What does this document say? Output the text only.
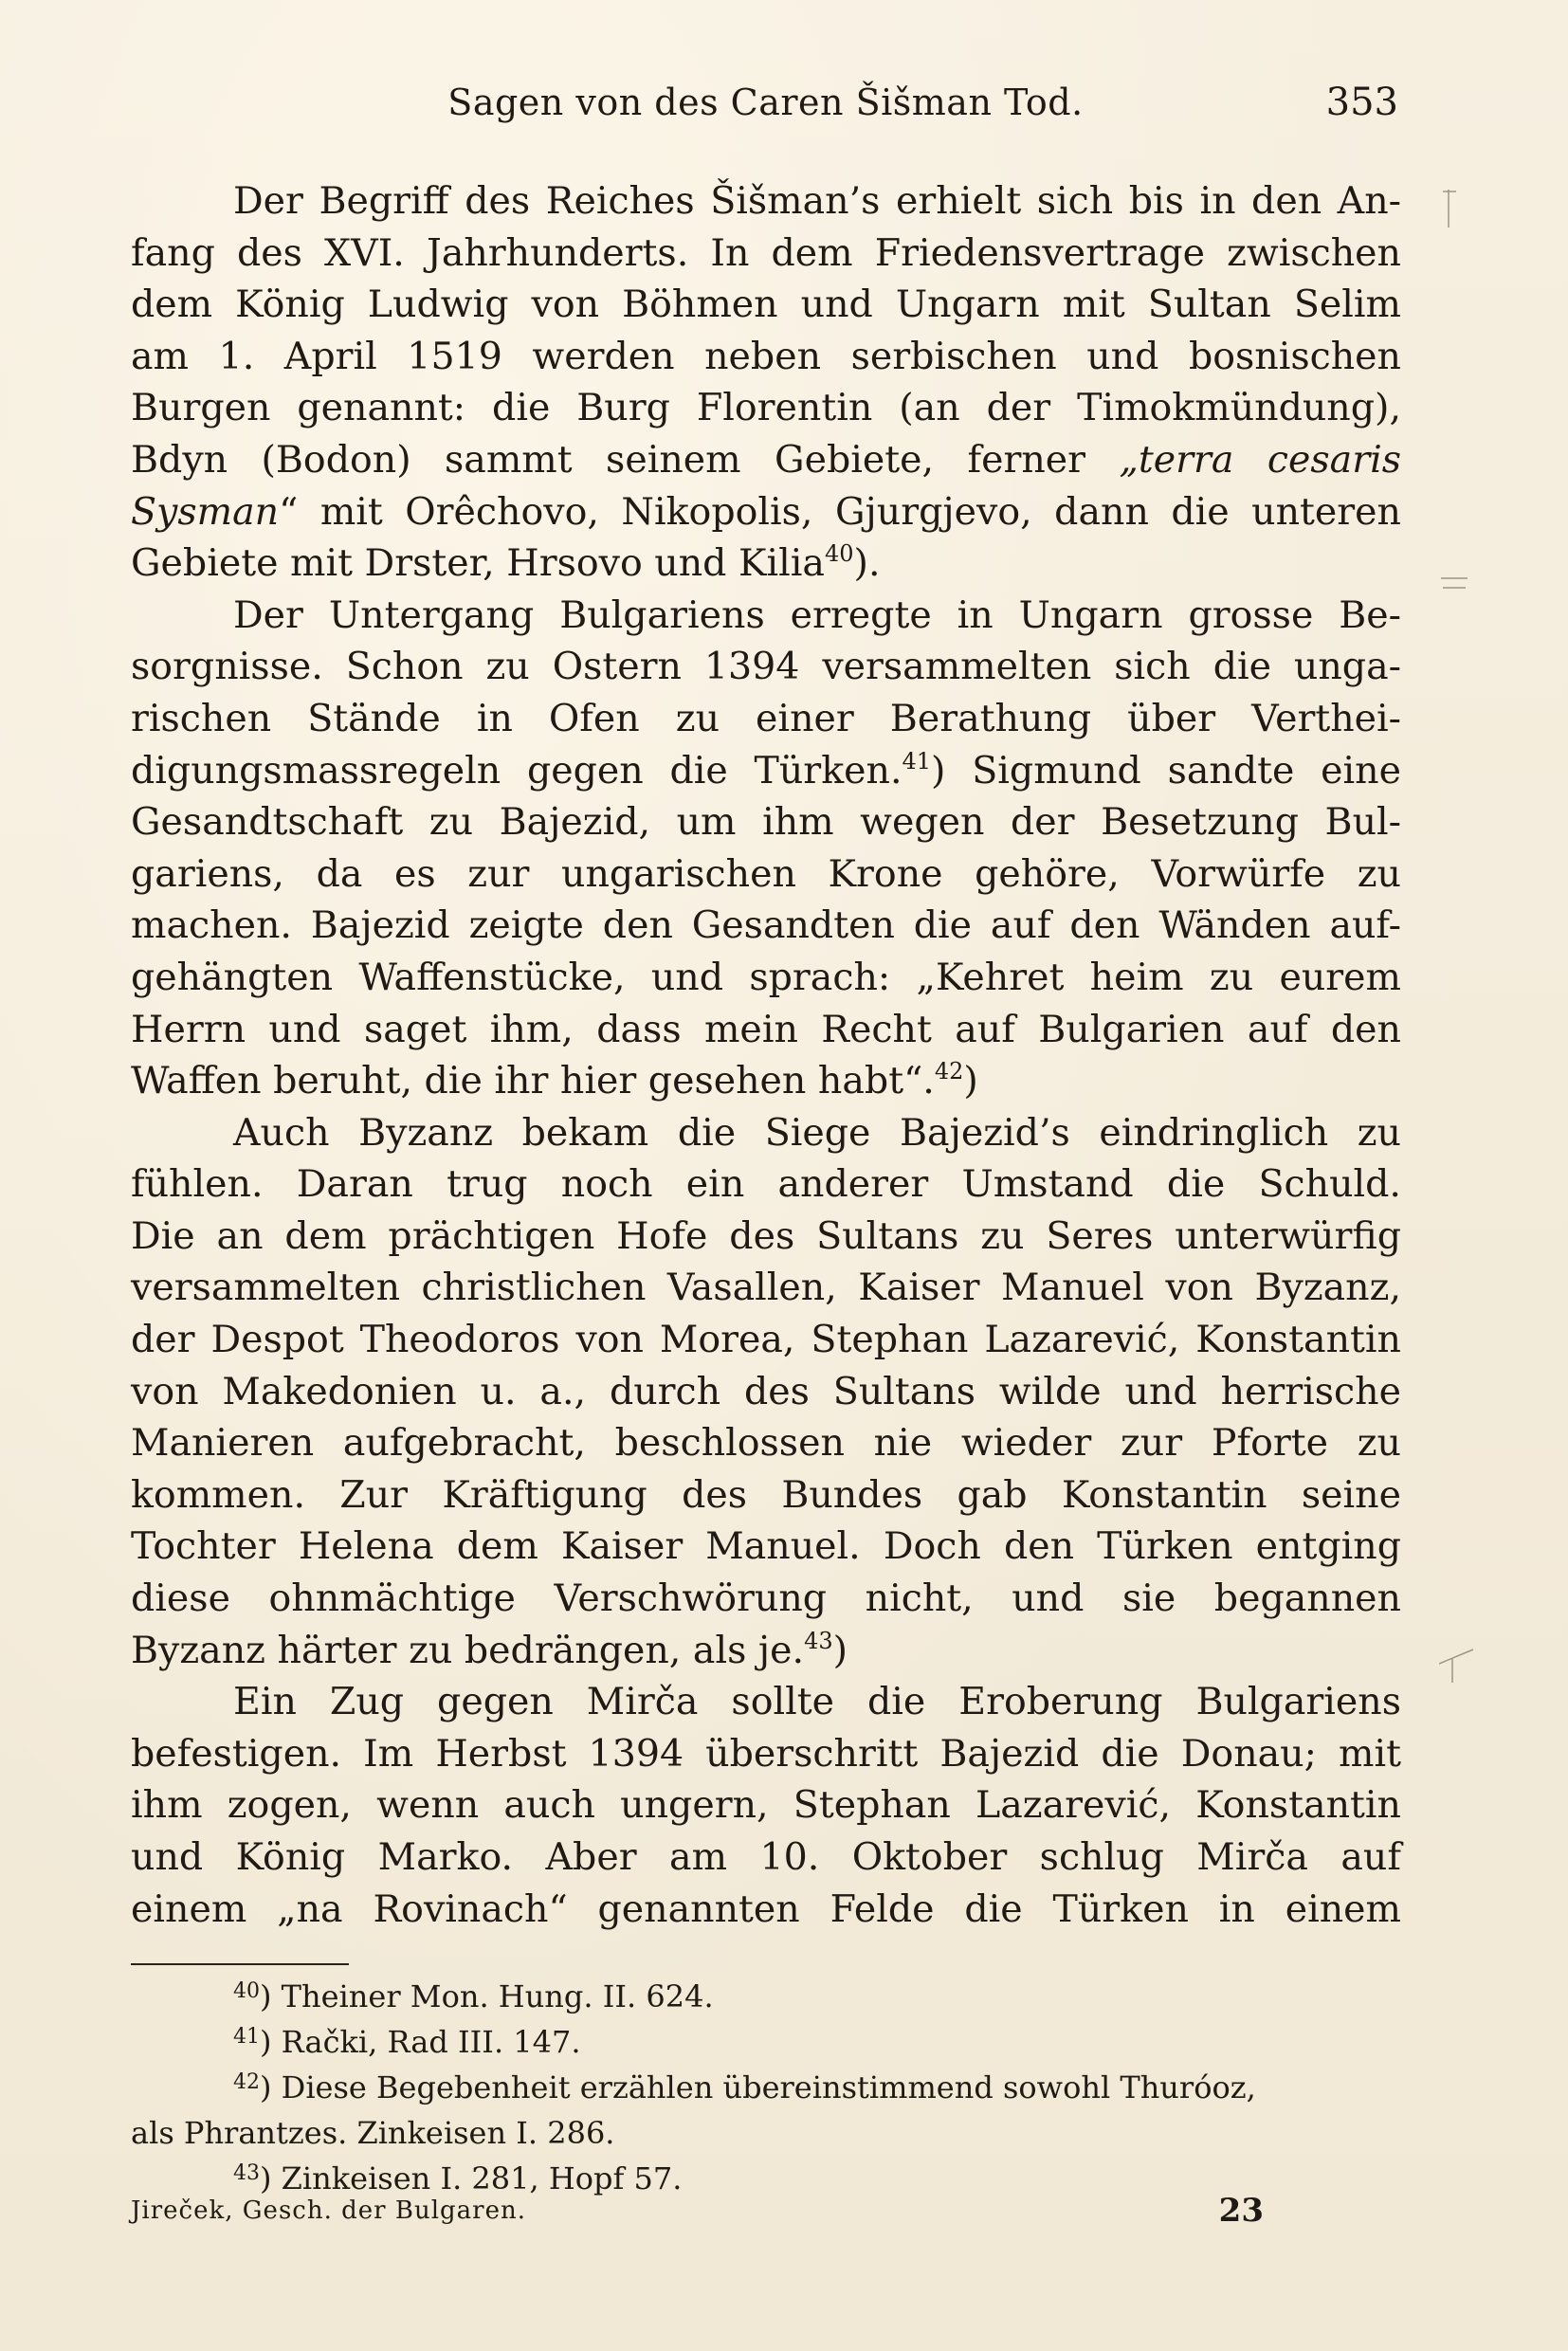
Sagen von des Caren Šišman Tod.	353
Der Begriff des Reiches Šišman’s erhielt sich bis in den An-
fang des XVI. Jahrhunderts. In dem Friedensvertrage zwischen
dem König Ludwig von Böhmen und Ungarn mit Sultan Selim
am 1. April 1519 werden neben serbischen und bosnischen
Burgen genannt: die Burg Florentin (an der Timokmündung),
Bdyn (Bodon) sammt seinem Gebiete, ferner „terra cesaris
Sysman“ mit Orêchovo, Nikopolis, Gjurgjevo, dann die unteren
Gebiete mit Drster, Hrsovo und Kilia$^{40}$).
Der Untergang Bulgariens erregte in Ungarn grosse Be-
sorgnisse. Schon zu Ostern 1394 versammelten sich die unga-
rischen Stände in Ofen zu einer Berathung über Verthei-
digungsmassregeln gegen die Türken.$^{41}$) Sigmund sandte eine
Gesandtschaft zu Bajezid, um ihm wegen der Besetzung Bul-
gariens, da es zur ungarischen Krone gehöre, Vorwürfe zu
machen. Bajezid zeigte den Gesandten die auf den Wänden auf-
gehängten Waffenstücke, und sprach: „Kehret heim zu eurem
Herrn und saget ihm, dass mein Recht auf Bulgarien auf den
Waffen beruht, die ihr hier gesehen habt“.$^{42}$)
Auch Byzanz bekam die Siege Bajezid’s eindringlich zu
fühlen. Daran trug noch ein anderer Umstand die Schuld.
Die an dem prächtigen Hofe des Sultans zu Seres unterwürfig
versammelten christlichen Vasallen, Kaiser Manuel von Byzanz,
der Despot Theodoros von Morea, Stephan Lazarević, Konstantin
von Makedonien u. a., durch des Sultans wilde und herrische
Manieren aufgebracht, beschlossen nie wieder zur Pforte zu
kommen. Zur Kräftigung des Bundes gab Konstantin seine
Tochter Helena dem Kaiser Manuel. Doch den Türken entging
diese ohnmächtige Verschwörung nicht, und sie begannen
Byzanz härter zu bedrängen, als je.$^{43}$)
Ein Zug gegen Mirča sollte die Eroberung Bulgariens
befestigen. Im Herbst 1394 überschritt Bajezid die Donau; mit
ihm zogen, wenn auch ungern, Stephan Lazarević, Konstantin
und König Marko. Aber am 10. Oktober schlug Mirča auf
einem „na Rovinach“ genannten Felde die Türken in einem
$^{40}$) Theiner Mon. Hung. II. 624.
$^{41}$) Rački, Rad III. 147.
$^{42}$) Diese Begebenheit erzählen übereinstimmend sowohl Thuróoz,
als Phrantzes. Zinkeisen I. 286.
$^{43}$) Zinkeisen I. 281, Hopf 57.
Jireček, Gesch. der Bulgaren.	23
